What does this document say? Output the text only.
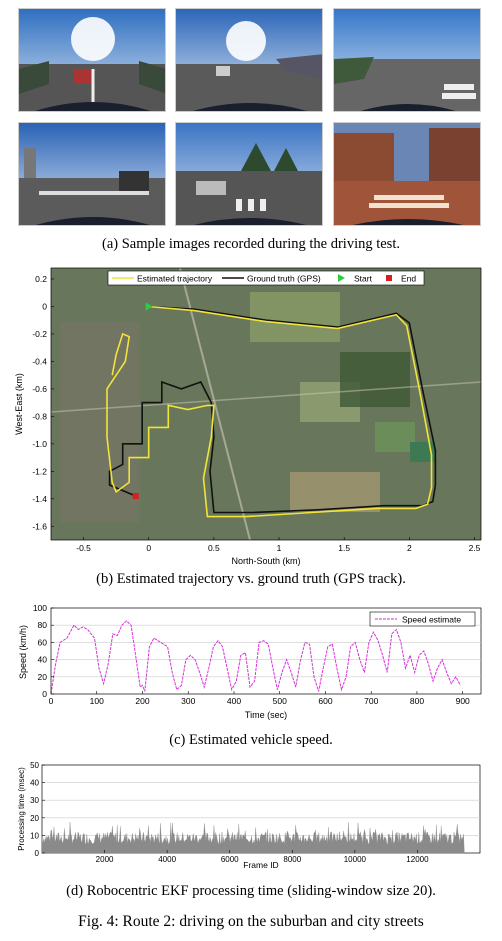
(a) Sample images recorded during the driving test.
Estimated trajectory	Ground truth (GPS)	Start	End
-0.5	0	0.5	1	1.5	2	2.5
0.2
0
-0.2
-0.4
-0.6
-0.8
-1.0
-1.2
-1.4
-1.6
North-South (km)
West-East (km)
(b) Estimated trajectory vs. ground truth (GPS track).
Speed estimate
0	100	200	300	400	500	600	700	800	900
0
20
40
60
80
100
Time (sec)
Speed (km/h)
(c) Estimated vehicle speed.
2000	4000	6000	8000	10000	12000
0
10
20
30
40
50
Frame ID
Processing time (msec)
(d) Robocentric EKF processing time (sliding-window size 20).
Fig. 4: Route 2: driving on the suburban and city streets
